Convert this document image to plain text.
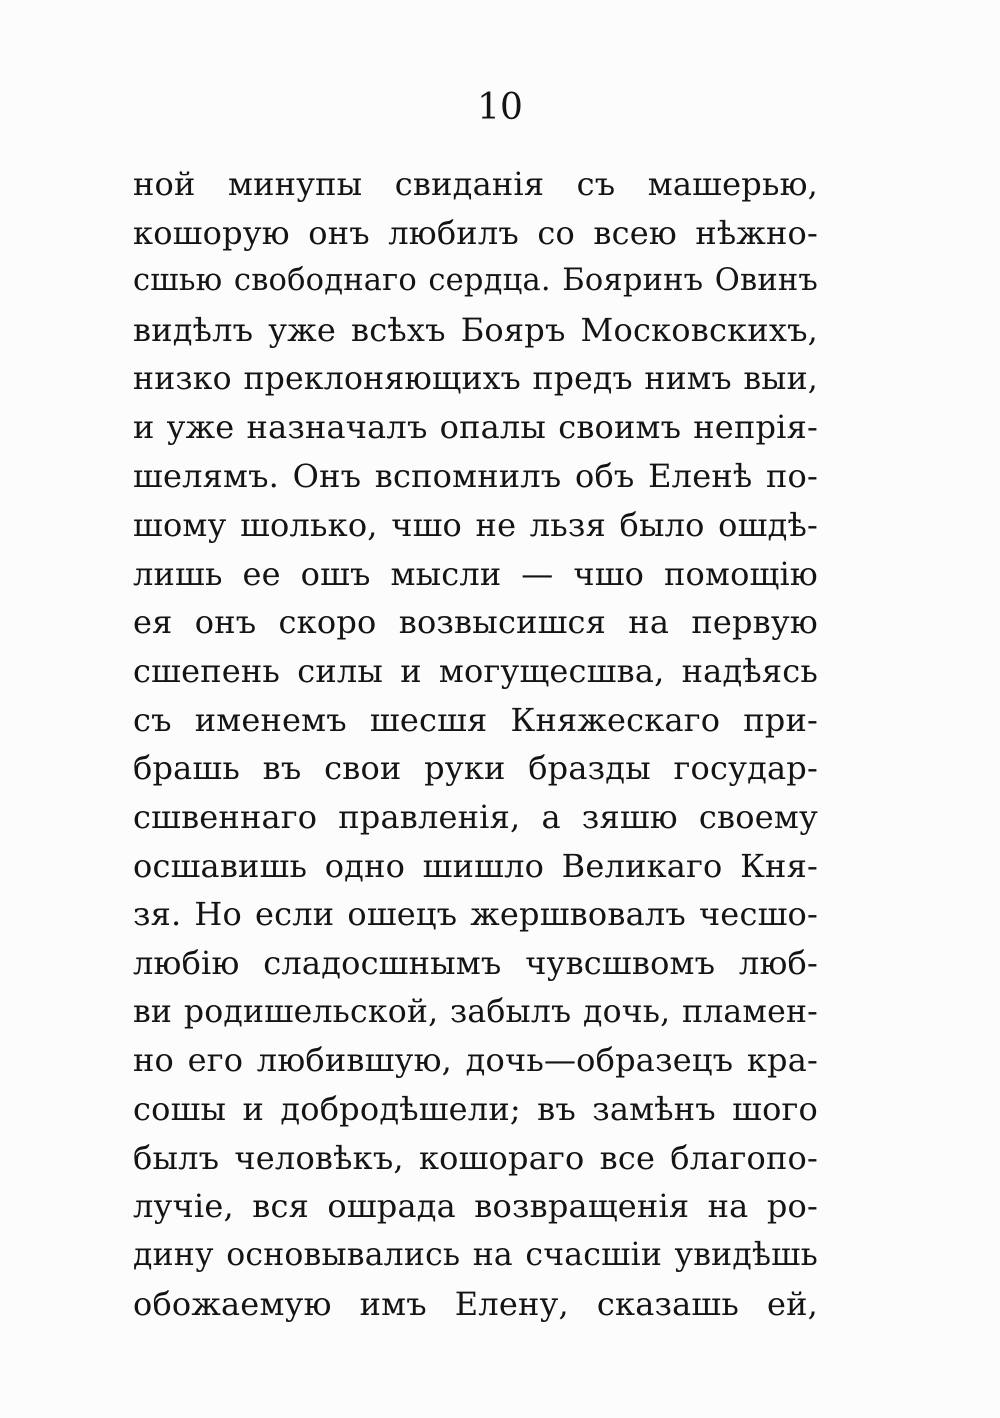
10
ной минупы свиданія съ машерью,
кошорую онъ любилъ со всею нѣжно-
сшью свободнаго сердца. Бояринъ Овинъ
видѣлъ уже всѣхъ Бояръ Московскихъ,
низко преклоняющихъ предъ нимъ выи,
и уже назначалъ опалы своимъ непрія-
шелямъ. Онъ вспомнилъ объ Еленѣ по-
шому шолько, чшо не льзя было ошдѣ-
лишь ее ошъ мысли — чшо помощію
ея онъ скоро возвысишся на первую
сшепень силы и могущесшва, надѣясь
съ именемъ шесшя Княжескаго при-
брашь въ свои руки бразды государ-
сшвеннаго правленія, а зяшю своему
осшавишь одно шишло Великаго Кня-
зя. Но если ошецъ жершвовалъ чесшо-
любію сладосшнымъ чувсшвомъ люб-
ви родишельской, забылъ дочь, пламен-
но его любившую, дочь—образецъ кра-
сошы и добродѣшели; въ замѣнъ шого
былъ человѣкъ, кошораго все благопо-
лучіе, вся ошрада возвращенія на ро-
дину основывались на счасшіи увидѣшь
обожаемую имъ Елену, сказашь ей,
